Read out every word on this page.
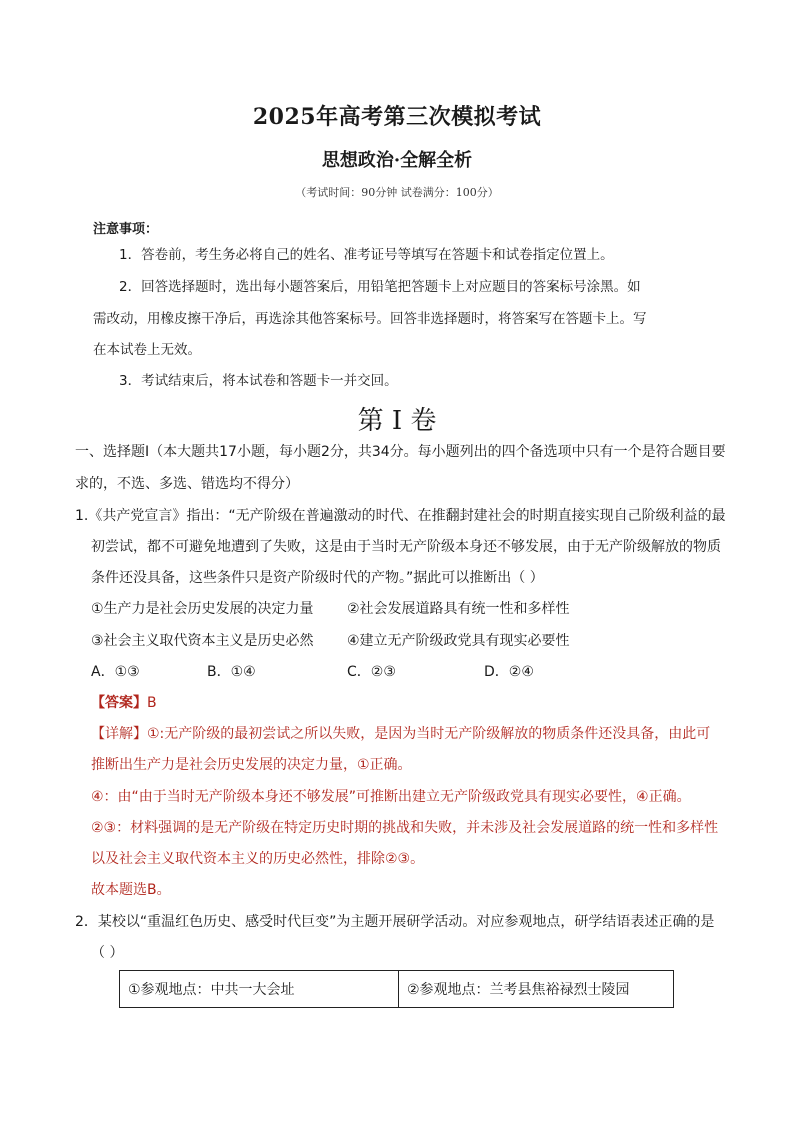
2025年高考第三次模拟考试
思想政治·全解全析
（考试时间：90分钟 试卷满分：100分）
注意事项：
1．答卷前，考生务必将自己的姓名、准考证号等填写在答题卡和试卷指定位置上。
2．回答选择题时，选出每小题答案后，用铅笔把答题卡上对应题目的答案标号涂黑。如
需改动，用橡皮擦干净后，再选涂其他答案标号。回答非选择题时，将答案写在答题卡上。写
在本试卷上无效。
3．考试结束后，将本试卷和答题卡一并交回。
第 I 卷
一、选择题Ⅰ（本大题共17小题，每小题2分，共34分。每小题列出的四个备选项中只有一个是符合题目要
求的，不选、多选、错选均不得分）
1.《共产党宣言》指出：“无产阶级在普遍激动的时代、在推翻封建社会的时期直接实现自己阶级利益的最
初尝试，都不可避免地遭到了失败，这是由于当时无产阶级本身还不够发展，由于无产阶级解放的物质
条件还没具备，这些条件只是资产阶级时代的产物。”据此可以推断出（ ）
①生产力是社会历史发展的决定力量 ②社会发展道路具有统一性和多样性
③社会主义取代资本主义是历史必然 ④建立无产阶级政党具有现实必要性
A．①③	B．①④	C．②③	D．②④
【答案】B
【详解】①:无产阶级的最初尝试之所以失败，是因为当时无产阶级解放的物质条件还没具备，由此可
推断出生产力是社会历史发展的决定力量，①正确。
④：由“由于当时无产阶级本身还不够发展”可推断出建立无产阶级政党具有现实必要性，④正确。
②③：材料强调的是无产阶级在特定历史时期的挑战和失败，并未涉及社会发展道路的统一性和多样性
以及社会主义取代资本主义的历史必然性，排除②③。
故本题选B。
2．某校以“重温红色历史、感受时代巨变”为主题开展研学活动。对应参观地点，研学结语表述正确的是
（ ）
①参观地点：中共一大会址	②参观地点：兰考县焦裕禄烈士陵园
